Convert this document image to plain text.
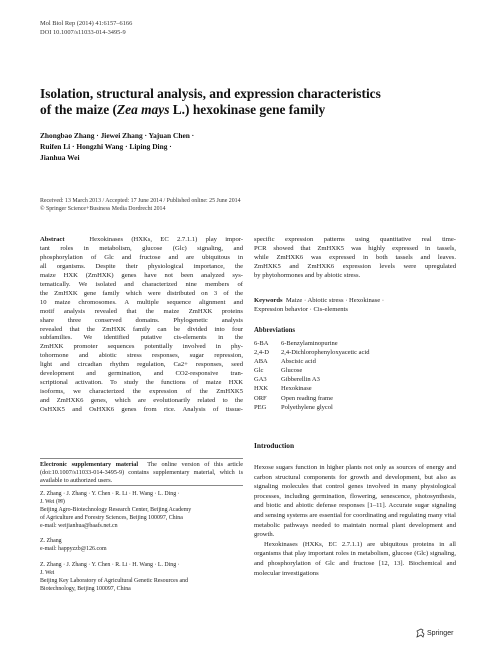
Mol Biol Rep (2014) 41:6157–6166
DOI 10.1007/s11033-014-3495-9
Isolation, structural analysis, and expression characteristics
of the maize (Zea mays L.) hexokinase gene family
Zhongbao Zhang · Jiewei Zhang · Yajuan Chen ·
Ruifen Li · Hongzhi Wang · Liping Ding ·
Jianhua Wei
Received: 13 March 2013 / Accepted: 17 June 2014 / Published online: 25 June 2014
© Springer Science+Business Media Dordrecht 2014
Abstract	Hexokinases (HXKs, EC 2.7.1.1) play impor-
tant roles in metabolism, glucose (Glc) signaling, and
phosphorylation of Glc and fructose and are ubiquitous in
all organisms. Despite their physiological importance, the
maize HXK (ZmHXK) genes have not been analyzed sys-
tematically. We isolated and characterized nine members of
the ZmHXK gene family which were distributed on 3 of the
10 maize chromosomes. A multiple sequence alignment and
motif analysis revealed that the maize ZmHXK proteins
share three conserved domains. Phylogenetic analysis
revealed that the ZmHXK family can be divided into four
subfamilies. We identified putative cis-elements in the
ZmHXK promoter sequences potentially involved in phy-
tohormone and abiotic stress responses, sugar repression,
light and circadian rhythm regulation, Ca2+ responses, seed
development and germination, and CO2-responsive tran-
scriptional activation. To study the functions of maize HXK
isoforms, we characterized the expression of the ZmHXK5
and ZmHXK6 genes, which are evolutionarily related to the
OsHXK5 and OsHXK6 genes from rice. Analysis of tissue-
specific expression patterns using quantitative real time-
PCR showed that ZmHXK5 was highly expressed in tassels,
while ZmHXK6 was expressed in both tassels and leaves.
ZmHXK5 and ZmHXK6 expression levels were upregulated
by phytohormones and by abiotic stress.
Keywords Maize · Abiotic stress · Hexokinase ·
Expression behavior · Cis-elements
Abbreviations
6-BA	6-Benzylaminopurine
2,4-D	2,4-Dichlorophenyloxyacetic acid
ABA	Abscisic acid
Glc	Glucose
GA3	Gibberellin A3
HXK	Hexokinase
ORF	Open reading frame
PEG	Polyethylene glycol
Introduction

Hexose sugars function in higher plants not only as sources of energy and carbon structural components for growth and development, but also as signaling molecules that control genes involved in many physiological processes, including germination, flowering, senescence, photosynthesis, and biotic and abiotic defense responses [1–11]. Accurate sugar signaling and sensing systems are essential for coordinating and regulating many vital metabolic pathways needed to maintain normal plant development and growth.

Hexokinases (HXKs, EC 2.7.1.1) are ubiquitous proteins in all organisms that play important roles in metabolism, glucose (Glc) signaling, and phosphorylation of Glc and fructose [12, 13]. Biochemical and molecular investigations

Electronic supplementary material The online version of this article (doi:10.1007/s11033-014-3495-9) contains supplementary material, which is available to authorized users.
Z. Zhang · J. Zhang · Y. Chen · R. Li · H. Wang · L. Ding ·
J. Wei (✉)
Beijing Agro-Biotechnology Research Center, Beijing Academy
of Agriculture and Forestry Sciences, Beijing 100097, China
e-mail: weijianhua@baafs.net.cn
Z. Zhang
e-mail: happyzzb@126.com
Z. Zhang · J. Zhang · Y. Chen · R. Li · H. Wang · L. Ding ·
J. Wei
Beijing Key Laboratory of Agricultural Genetic Resources and
Biotechnology, Beijing 100097, China
Springer
